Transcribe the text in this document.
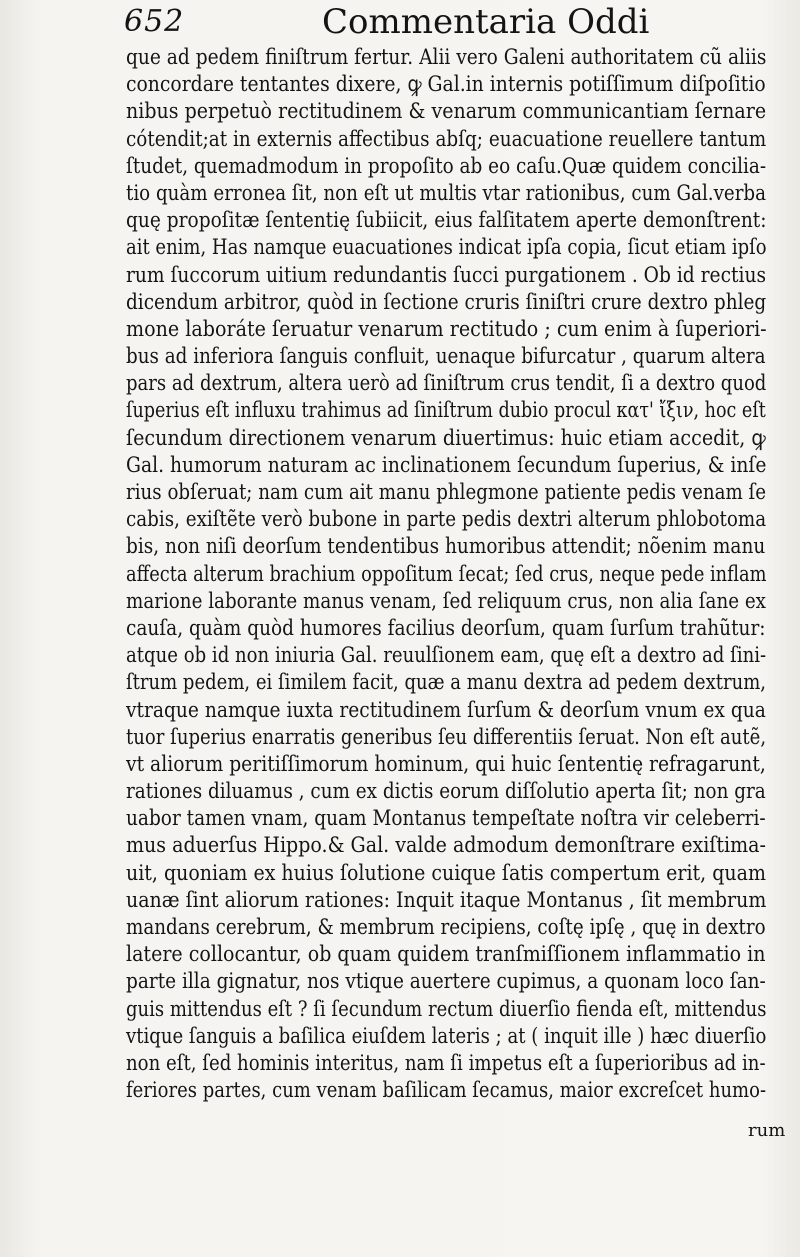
652	Commentaria Oddi
que ad pedem finiſtrum fertur. Alii vero Galeni authoritatem cũ aliis
concordare tentantes dixere, ꝙ Gal.in internis potiſſimum diſpoſitio
nibus perpetuò rectitudinem & venarum communicantiam ſernare
cótendit;at in externis affectibus abſq; euacuatione reuellere tantum
ſtudet, quemadmodum in propoſito ab eo caſu.Quæ quidem concilia-
tio quàm erronea ſit, non eſt ut multis vtar rationibus, cum Gal.verba
quę propoſitæ ſententię ſubiicit, eius falſitatem aperte demonſtrent:
ait enim, Has namque euacuationes indicat ipſa copia, ſicut etiam ipſo
rum ſuccorum uitium redundantis ſucci purgationem . Ob id rectius
dicendum arbitror, quòd in ſectione cruris ſiniſtri crure dextro phleg
mone laboráte ſeruatur venarum rectitudo ; cum enim à ſuperiori-
bus ad inferiora ſanguis confluit, uenaque bifurcatur , quarum altera
pars ad dextrum, altera uerò ad ſiniſtrum crus tendit, ſi a dextro quod
ſuperius eſt influxu trahimus ad ſiniſtrum dubio procul κατ' ἴξιν, hoc eſt
ſecundum directionem venarum diuertimus: huic etiam accedit, ꝙ
Gal. humorum naturam ac inclinationem ſecundum ſuperius, & inſe
rius obſeruat; nam cum ait manu phlegmone patiente pedis venam ſe
cabis, exiſtẽte verò bubone in parte pedis dextri alterum phlobotoma
bis, non niſi deorſum tendentibus humoribus attendit; nõenim manu
affecta alterum brachium oppoſitum ſecat; ſed crus, neque pede inflam
marione laborante manus venam, ſed reliquum crus, non alia ſane ex
cauſa, quàm quòd humores facilius deorſum, quam ſurſum trahũtur:
atque ob id non iniuria Gal. reuulſionem eam, quę eſt a dextro ad ſini-
ſtrum pedem, ei ſimilem facit, quæ a manu dextra ad pedem dextrum,
vtraque namque iuxta rectitudinem ſurſum & deorſum vnum ex qua
tuor ſuperius enarratis generibus ſeu differentiis ſeruat. Non eſt autẽ,
vt aliorum peritiſſimorum hominum, qui huic ſententię refragarunt,
rationes diluamus , cum ex dictis eorum diſſolutio aperta ſit; non gra
uabor tamen vnam, quam Montanus tempeſtate noſtra vir celeberri-
mus aduerſus Hippo.& Gal. valde admodum demonſtrare exiſtima-
uit, quoniam ex huius ſolutione cuique ſatis compertum erit, quam
uanæ ſint aliorum rationes: Inquit itaque Montanus , ſit membrum
mandans cerebrum, & membrum recipiens, coſtę ipſę , quę in dextro
latere collocantur, ob quam quidem tranſmiſſionem inflammatio in
parte illa gignatur, nos vtique auertere cupimus, a quonam loco ſan-
guis mittendus eſt ? ſi ſecundum rectum diuerſio fienda eſt, mittendus
vtique ſanguis a baſilica eiuſdem lateris ; at ( inquit ille ) hæc diuerſio
non eſt, ſed hominis interitus, nam ſi impetus eſt a ſuperioribus ad in-
feriores partes, cum venam baſilicam ſecamus, maior excreſcet humo-
rum
